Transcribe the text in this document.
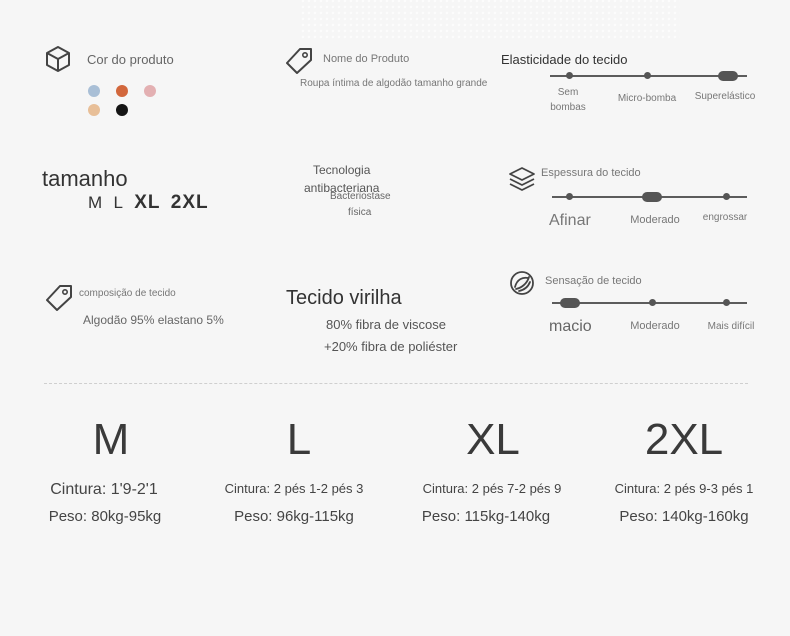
Cor do produto	Nome do Produto
Roupa íntima de algodão tamanho grande
Elasticidade do tecido
Sem
bombas
Micro-bomba	Superelástico
tamanho
M L XL 2XL
Tecnologia
antibacteriana
Bacteriostase
física
Espessura do tecido
Afinar	Moderado	engrossar
composição de tecido
Algodão 95% elastano 5%
Tecido virilha
80% fibra de viscose
+20% fibra de poliéster
Sensação de tecido
macio	Moderado	Mais difícil
M
Cintura: 1'9-2'1
Peso: 80kg-95kg
L
Cintura: 2 pés 1-2 pés 3
Peso: 96kg-115kg
XL
Cintura: 2 pés 7-2 pés 9
Peso: 115kg-140kg
2XL
Cintura: 2 pés 9-3 pés 1
Peso: 140kg-160kg
